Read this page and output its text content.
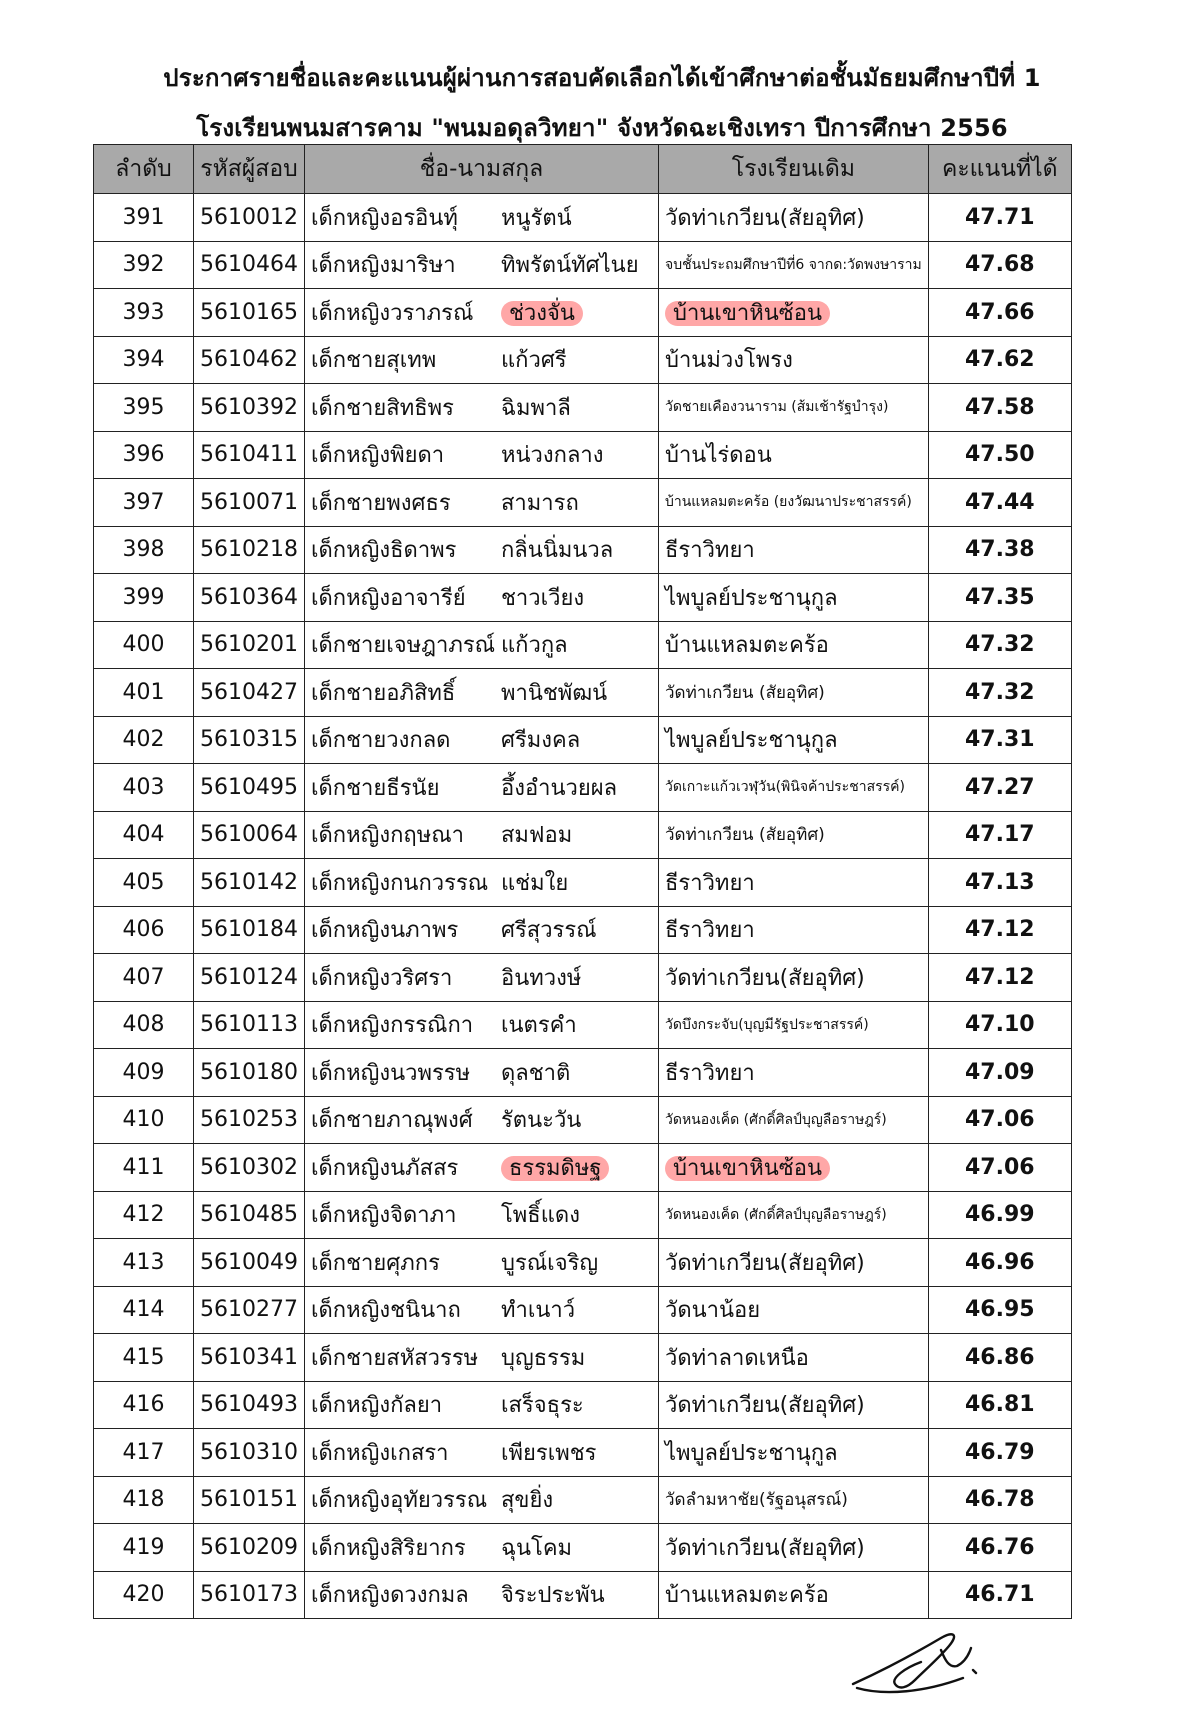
ประกาศรายชื่อและคะแนนผู้ผ่านการสอบคัดเลือกได้เข้าศึกษาต่อชั้นมัธยมศึกษาปีที่ 1
โรงเรียนพนมสารคาม "พนมอดุลวิทยา" จังหวัดฉะเชิงเทรา ปีการศึกษา 2556
ลำดับ	รหัสผู้สอบ	ชื่อ-นามสกุล	โรงเรียนเดิม	คะแนนที่ได้
391	5610012	เด็กหญิงอรอินทุ์ หนูรัตน์	วัดท่าเกวียน(สัยอุทิศ)	47.71
392	5610464	เด็กหญิงมาริษา ทิพรัตน์ทัศไนย	จบชั้นประถมศึกษาปีที่6 จากด:วัดพงษาราม	47.68
393	5610165	เด็กหญิงวราภรณ์ ช่วงจั่น	บ้านเขาหินซ้อน	47.66
394	5610462	เด็กชายสุเทพ แก้วศรี	บ้านม่วงโพรง	47.62
395	5610392	เด็กชายสิทธิพร ฉิมพาลี	วัดชายเคืองวนาราม (ส้มเช้ารัฐบำรุง)	47.58
396	5610411	เด็กหญิงพิยดา หน่วงกลาง	บ้านไร่ดอน	47.50
397	5610071	เด็กชายพงศธร สามารถ	บ้านแหลมตะคร้อ (ยงวัฒนาประชาสรรค์)	47.44
398	5610218	เด็กหญิงธิดาพร กลิ่นนิ่มนวล	ธีราวิทยา	47.38
399	5610364	เด็กหญิงอาจารีย์ ชาวเวียง	ไพบูลย์ประชานุกูล	47.35
400	5610201	เด็กชายเจษฎาภรณ์ แก้วกูล	บ้านแหลมตะคร้อ	47.32
401	5610427	เด็กชายอภิสิทธิ์ พานิชพัฒน์	วัดท่าเกวียน (สัยอุทิศ)	47.32
402	5610315	เด็กชายวงกลด ศรีมงคล	ไพบูลย์ประชานุกูล	47.31
403	5610495	เด็กชายธีรนัย อึ้งอำนวยผล	วัดเกาะแก้วเวฬุวัน(พินิจค้าประชาสรรค์)	47.27
404	5610064	เด็กหญิงกฤษณา สมฟอม	วัดท่าเกวียน (สัยอุทิศ)	47.17
405	5610142	เด็กหญิงกนกวรรณ แช่มใย	ธีราวิทยา	47.13
406	5610184	เด็กหญิงนภาพร ศรีสุวรรณ์	ธีราวิทยา	47.12
407	5610124	เด็กหญิงวริศรา อินทวงษ์	วัดท่าเกวียน(สัยอุทิศ)	47.12
408	5610113	เด็กหญิงกรรณิกา เนตรคำ	วัดบึงกระจับ(บุญมีรัฐประชาสรรค์)	47.10
409	5610180	เด็กหญิงนวพรรษ ดุลชาติ	ธีราวิทยา	47.09
410	5610253	เด็กชายภาณุพงศ์ รัตนะวัน	วัดหนองเค็ด (ศักดิ์ศิลป์บุญลือราษฎร์)	47.06
411	5610302	เด็กหญิงนภัสสร ธรรมดิษฐ	บ้านเขาหินซ้อน	47.06
412	5610485	เด็กหญิงจิดาภา โพธิ์แดง	วัดหนองเค็ด (ศักดิ์ศิลป์บุญลือราษฎร์)	46.99
413	5610049	เด็กชายศุภกร บูรณ์เจริญ	วัดท่าเกวียน(สัยอุทิศ)	46.96
414	5610277	เด็กหญิงชนินาถ ทำเนาว์	วัดนาน้อย	46.95
415	5610341	เด็กชายสหัสวรรษ บุญธรรม	วัดท่าลาดเหนือ	46.86
416	5610493	เด็กหญิงกัลยา เสร็จธุระ	วัดท่าเกวียน(สัยอุทิศ)	46.81
417	5610310	เด็กหญิงเกสรา เพียรเพชร	ไพบูลย์ประชานุกูล	46.79
418	5610151	เด็กหญิงอุทัยวรรณ สุขยิ่ง	วัดลำมหาชัย(รัฐอนุสรณ์)	46.78
419	5610209	เด็กหญิงสิริยากร ฉุนโคม	วัดท่าเกวียน(สัยอุทิศ)	46.76
420	5610173	เด็กหญิงดวงกมล จิระประพัน	บ้านแหลมตะคร้อ	46.71
